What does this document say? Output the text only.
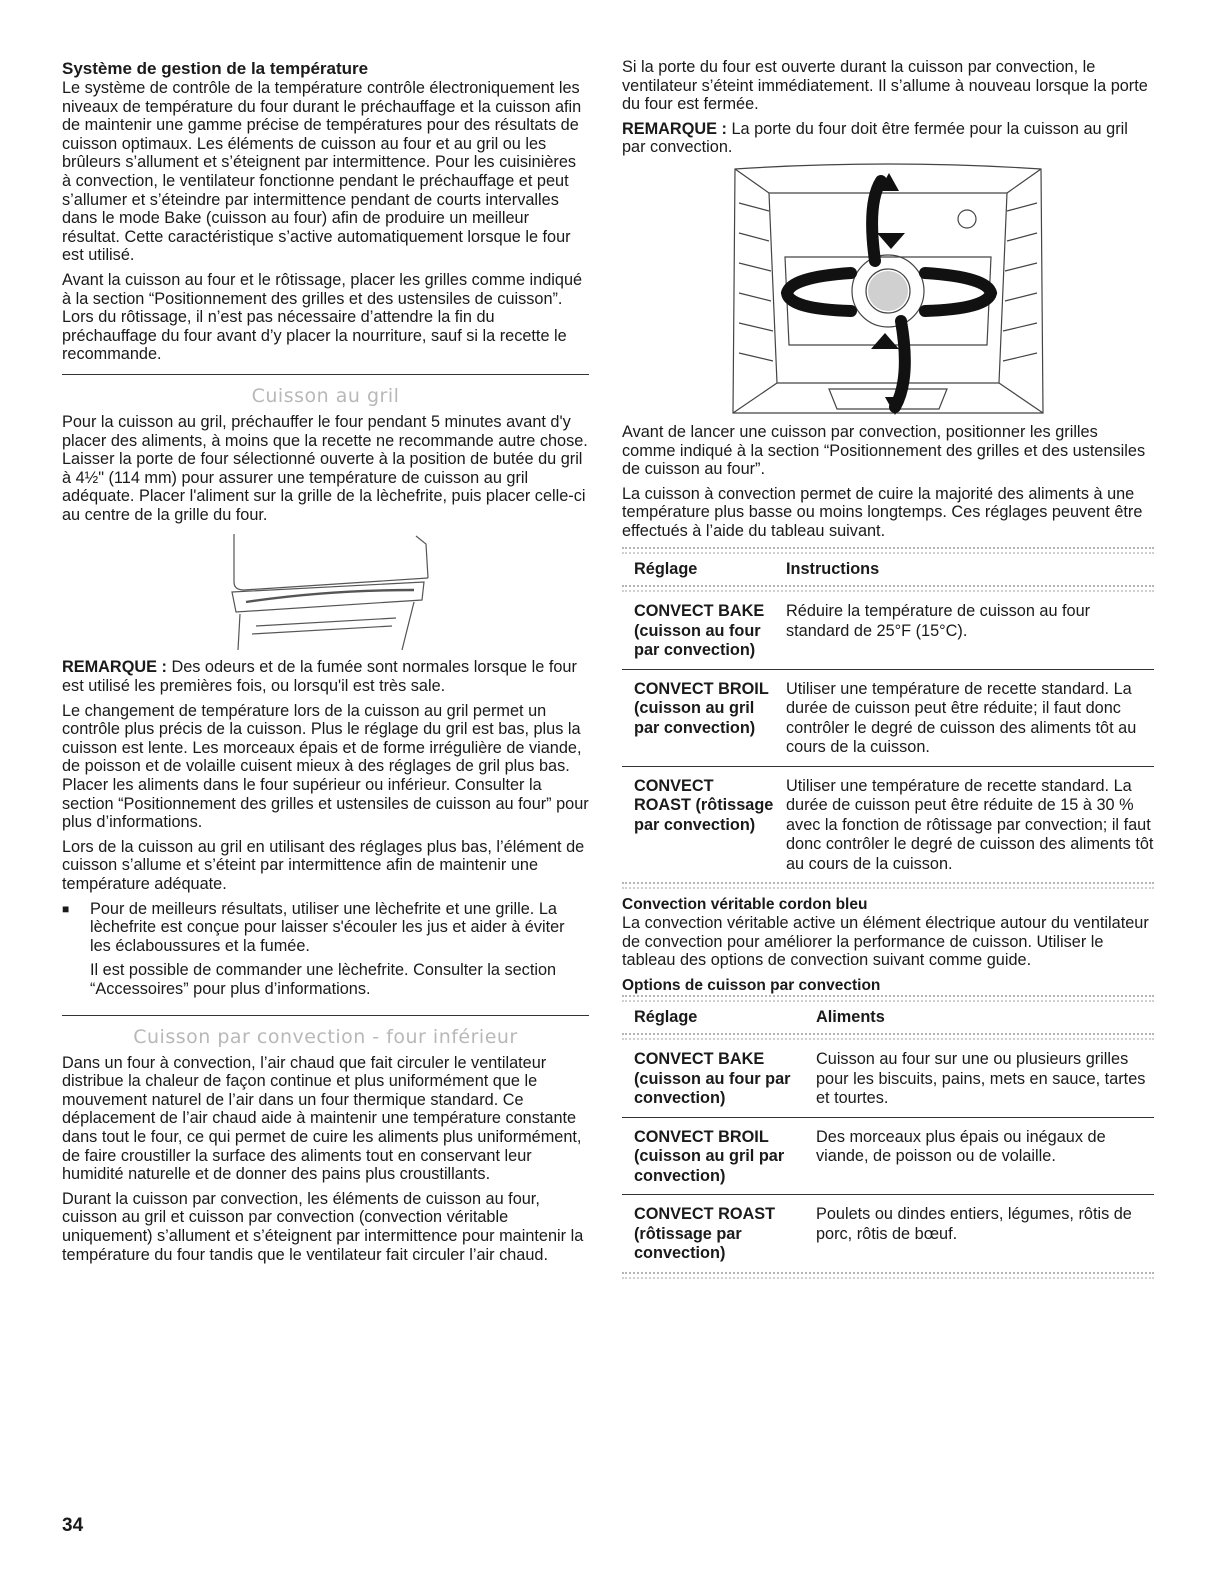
Système de gestion de la température

Le système de contrôle de la température contrôle électroniquement les niveaux de température du four durant le préchauffage et la cuisson afin de maintenir une gamme précise de températures pour des résultats de cuisson optimaux. Les éléments de cuisson au four et au gril ou les brûleurs s’allument et s’éteignent par intermittence. Pour les cuisinières à convection, le ventilateur fonctionne pendant le préchauffage et peut s’allumer et s’éteindre par intermittence pendant de courts intervalles dans le mode Bake (cuisson au four) afin de produire un meilleur résultat. Cette caractéristique s’active automatiquement lorsque le four est utilisé.

Avant la cuisson au four et le rôtissage, placer les grilles comme indiqué à la section “Positionnement des grilles et des ustensiles de cuisson”. Lors du rôtissage, il n’est pas nécessaire d’attendre la fin du préchauffage du four avant d’y placer la nourriture, sauf si la recette le recommande.

Cuisson au gril

Pour la cuisson au gril, préchauffer le four pendant 5 minutes avant d'y placer des aliments, à moins que la recette ne recommande autre chose. Laisser la porte de four sélectionné ouverte à la position de butée du gril à 4½" (114 mm) pour assurer une température de cuisson au gril adéquate. Placer l'aliment sur la grille de la lèchefrite, puis placer celle-ci au centre de la grille du four.

REMARQUE : Des odeurs et de la fumée sont normales lorsque le four est utilisé les premières fois, ou lorsqu'il est très sale.

Le changement de température lors de la cuisson au gril permet un contrôle plus précis de la cuisson. Plus le réglage du gril est bas, plus la cuisson est lente. Les morceaux épais et de forme irrégulière de viande, de poisson et de volaille cuisent mieux à des réglages de gril plus bas. Placer les aliments dans le four supérieur ou inférieur. Consulter la section “Positionnement des grilles et ustensiles de cuisson au four” pour plus d’informations.

Lors de la cuisson au gril en utilisant des réglages plus bas, l’élément de cuisson s’allume et s’éteint par intermittence afin de maintenir une température adéquate.

■	Pour de meilleurs résultats, utiliser une lèchefrite et une grille. La lèchefrite est conçue pour laisser s'écouler les jus et aider à éviter les éclaboussures et la fumée.

Il est possible de commander une lèchefrite. Consulter la section “Accessoires” pour plus d’informations.

Cuisson par convection - four inférieur

Dans un four à convection, l’air chaud que fait circuler le ventilateur distribue la chaleur de façon continue et plus uniformément que le mouvement naturel de l’air dans un four thermique standard. Ce déplacement de l’air chaud aide à maintenir une température constante dans tout le four, ce qui permet de cuire les aliments plus uniformément, de faire croustiller la surface des aliments tout en conservant leur humidité naturelle et de donner des pains plus croustillants.

Durant la cuisson par convection, les éléments de cuisson au four, cuisson au gril et cuisson par convection (convection véritable uniquement) s’allument et s’éteignent par intermittence pour maintenir la température du four tandis que le ventilateur fait circuler l’air chaud.

Si la porte du four est ouverte durant la cuisson par convection, le ventilateur s’éteint immédiatement. Il s’allume à nouveau lorsque la porte du four est fermée.

REMARQUE : La porte du four doit être fermée pour la cuisson au gril par convection.

Avant de lancer une cuisson par convection, positionner les grilles comme indiqué à la section “Positionnement des grilles et des ustensiles de cuisson au four”.

La cuisson à convection permet de cuire la majorité des aliments à une température plus basse ou moins longtemps. Ces réglages peuvent être effectués à l’aide du tableau suivant.

Réglage	Instructions

CONVECT BAKE (cuisson au four par convection)	Réduire la température de cuisson au four standard de 25°F (15°C).
CONVECT BROIL (cuisson au gril par convection)	Utiliser une température de recette standard. La durée de cuisson peut être réduite; il faut donc contrôler le degré de cuisson des aliments tôt au cours de la cuisson.
CONVECT ROAST (rôtissage par convection)	Utiliser une température de recette standard. La durée de cuisson peut être réduite de 15 à 30 % avec la fonction de rôtissage par convection; il faut donc contrôler le degré de cuisson des aliments tôt au cours de la cuisson.
Convection véritable cordon bleu

La convection véritable active un élément électrique autour du ventilateur de convection pour améliorer la performance de cuisson. Utiliser le tableau des options de convection suivant comme guide.

Options de cuisson par convection
Réglage	Aliments

CONVECT BAKE (cuisson au four par convection)	Cuisson au four sur une ou plusieurs grilles pour les biscuits, pains, mets en sauce, tartes et tourtes.
CONVECT BROIL (cuisson au gril par convection)	Des morceaux plus épais ou inégaux de viande, de poisson ou de volaille.
CONVECT ROAST (rôtissage par convection)	Poulets ou dindes entiers, légumes, rôtis de porc, rôtis de bœuf.
34
